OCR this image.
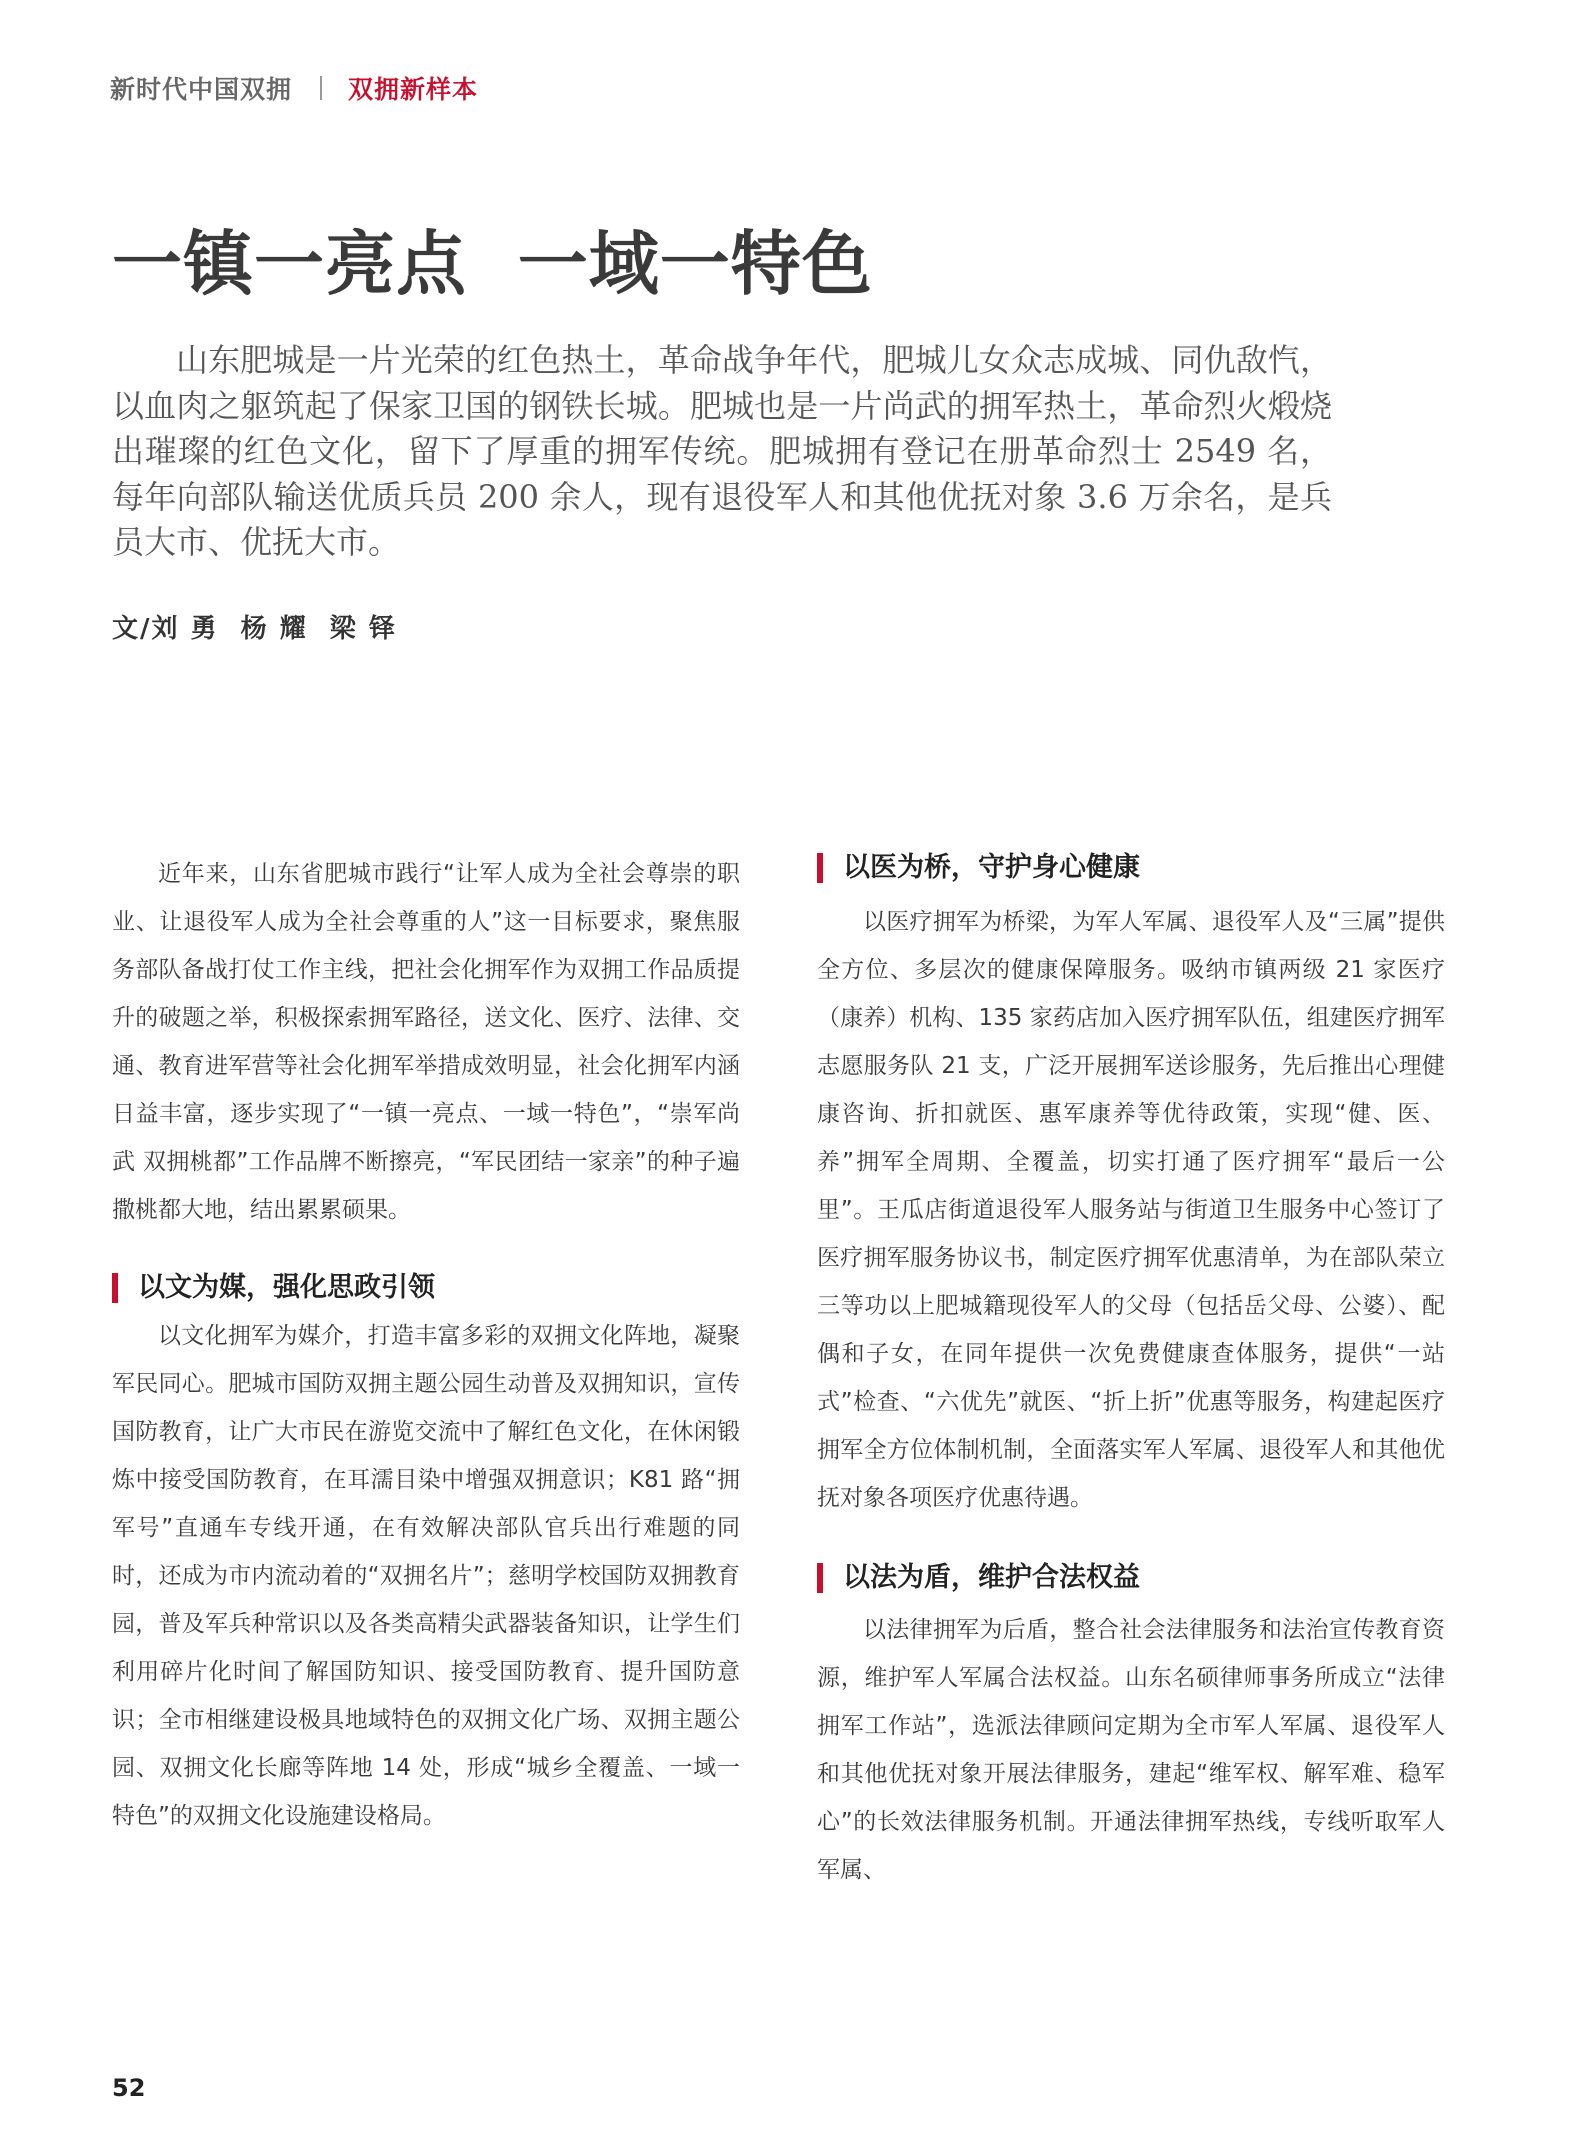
新时代中国双拥 双拥新样本
一镇一亮点  一域一特色

山东肥城是一片光荣的红色热土，革命战争年代，肥城儿女众志成城、同仇敌忾，以血肉之躯筑起了保家卫国的钢铁长城。肥城也是一片尚武的拥军热土，革命烈火煅烧出璀璨的红色文化，留下了厚重的拥军传统。肥城拥有登记在册革命烈士 2549 名，每年向部队输送优质兵员 200 余人，现有退役军人和其他优抚对象 3.6 万余名，是兵员大市、优抚大市。

文/刘 勇  杨 耀  梁 铎

近年来，山东省肥城市践行“让军人成为全社会尊崇的职业、让退役军人成为全社会尊重的人”这一目标要求，聚焦服务部队备战打仗工作主线，把社会化拥军作为双拥工作品质提升的破题之举，积极探索拥军路径，送文化、医疗、法律、交通、教育进军营等社会化拥军举措成效明显，社会化拥军内涵日益丰富，逐步实现了“一镇一亮点、一域一特色”，“崇军尚武 双拥桃都”工作品牌不断擦亮，“军民团结一家亲”的种子遍撒桃都大地，结出累累硕果。

以文为媒，强化思政引领

以文化拥军为媒介，打造丰富多彩的双拥文化阵地，凝聚军民同心。肥城市国防双拥主题公园生动普及双拥知识，宣传国防教育，让广大市民在游览交流中了解红色文化，在休闲锻炼中接受国防教育，在耳濡目染中增强双拥意识；K81 路“拥军号”直通车专线开通，在有效解决部队官兵出行难题的同时，还成为市内流动着的“双拥名片”；慈明学校国防双拥教育园，普及军兵种常识以及各类高精尖武器装备知识，让学生们利用碎片化时间了解国防知识、接受国防教育、提升国防意识；全市相继建设极具地域特色的双拥文化广场、双拥主题公园、双拥文化长廊等阵地 14 处，形成“城乡全覆盖、一域一特色”的双拥文化设施建设格局。

以医为桥，守护身心健康

以医疗拥军为桥梁，为军人军属、退役军人及“三属”提供全方位、多层次的健康保障服务。吸纳市镇两级 21 家医疗（康养）机构、135 家药店加入医疗拥军队伍，组建医疗拥军志愿服务队 21 支，广泛开展拥军送诊服务，先后推出心理健康咨询、折扣就医、惠军康养等优待政策，实现“健、医、养”拥军全周期、全覆盖，切实打通了医疗拥军“最后一公里”。王瓜店街道退役军人服务站与街道卫生服务中心签订了医疗拥军服务协议书，制定医疗拥军优惠清单，为在部队荣立三等功以上肥城籍现役军人的父母（包括岳父母、公婆）、配偶和子女，在同年提供一次免费健康查体服务，提供“一站式”检查、“六优先”就医、“折上折”优惠等服务，构建起医疗拥军全方位体制机制，全面落实军人军属、退役军人和其他优抚对象各项医疗优惠待遇。

以法为盾，维护合法权益

以法律拥军为后盾，整合社会法律服务和法治宣传教育资源，维护军人军属合法权益。山东名硕律师事务所成立“法律拥军工作站”，选派法律顾问定期为全市军人军属、退役军人和其他优抚对象开展法律服务，建起“维军权、解军难、稳军心”的长效法律服务机制。开通法律拥军热线，专线听取军人军属、

52
